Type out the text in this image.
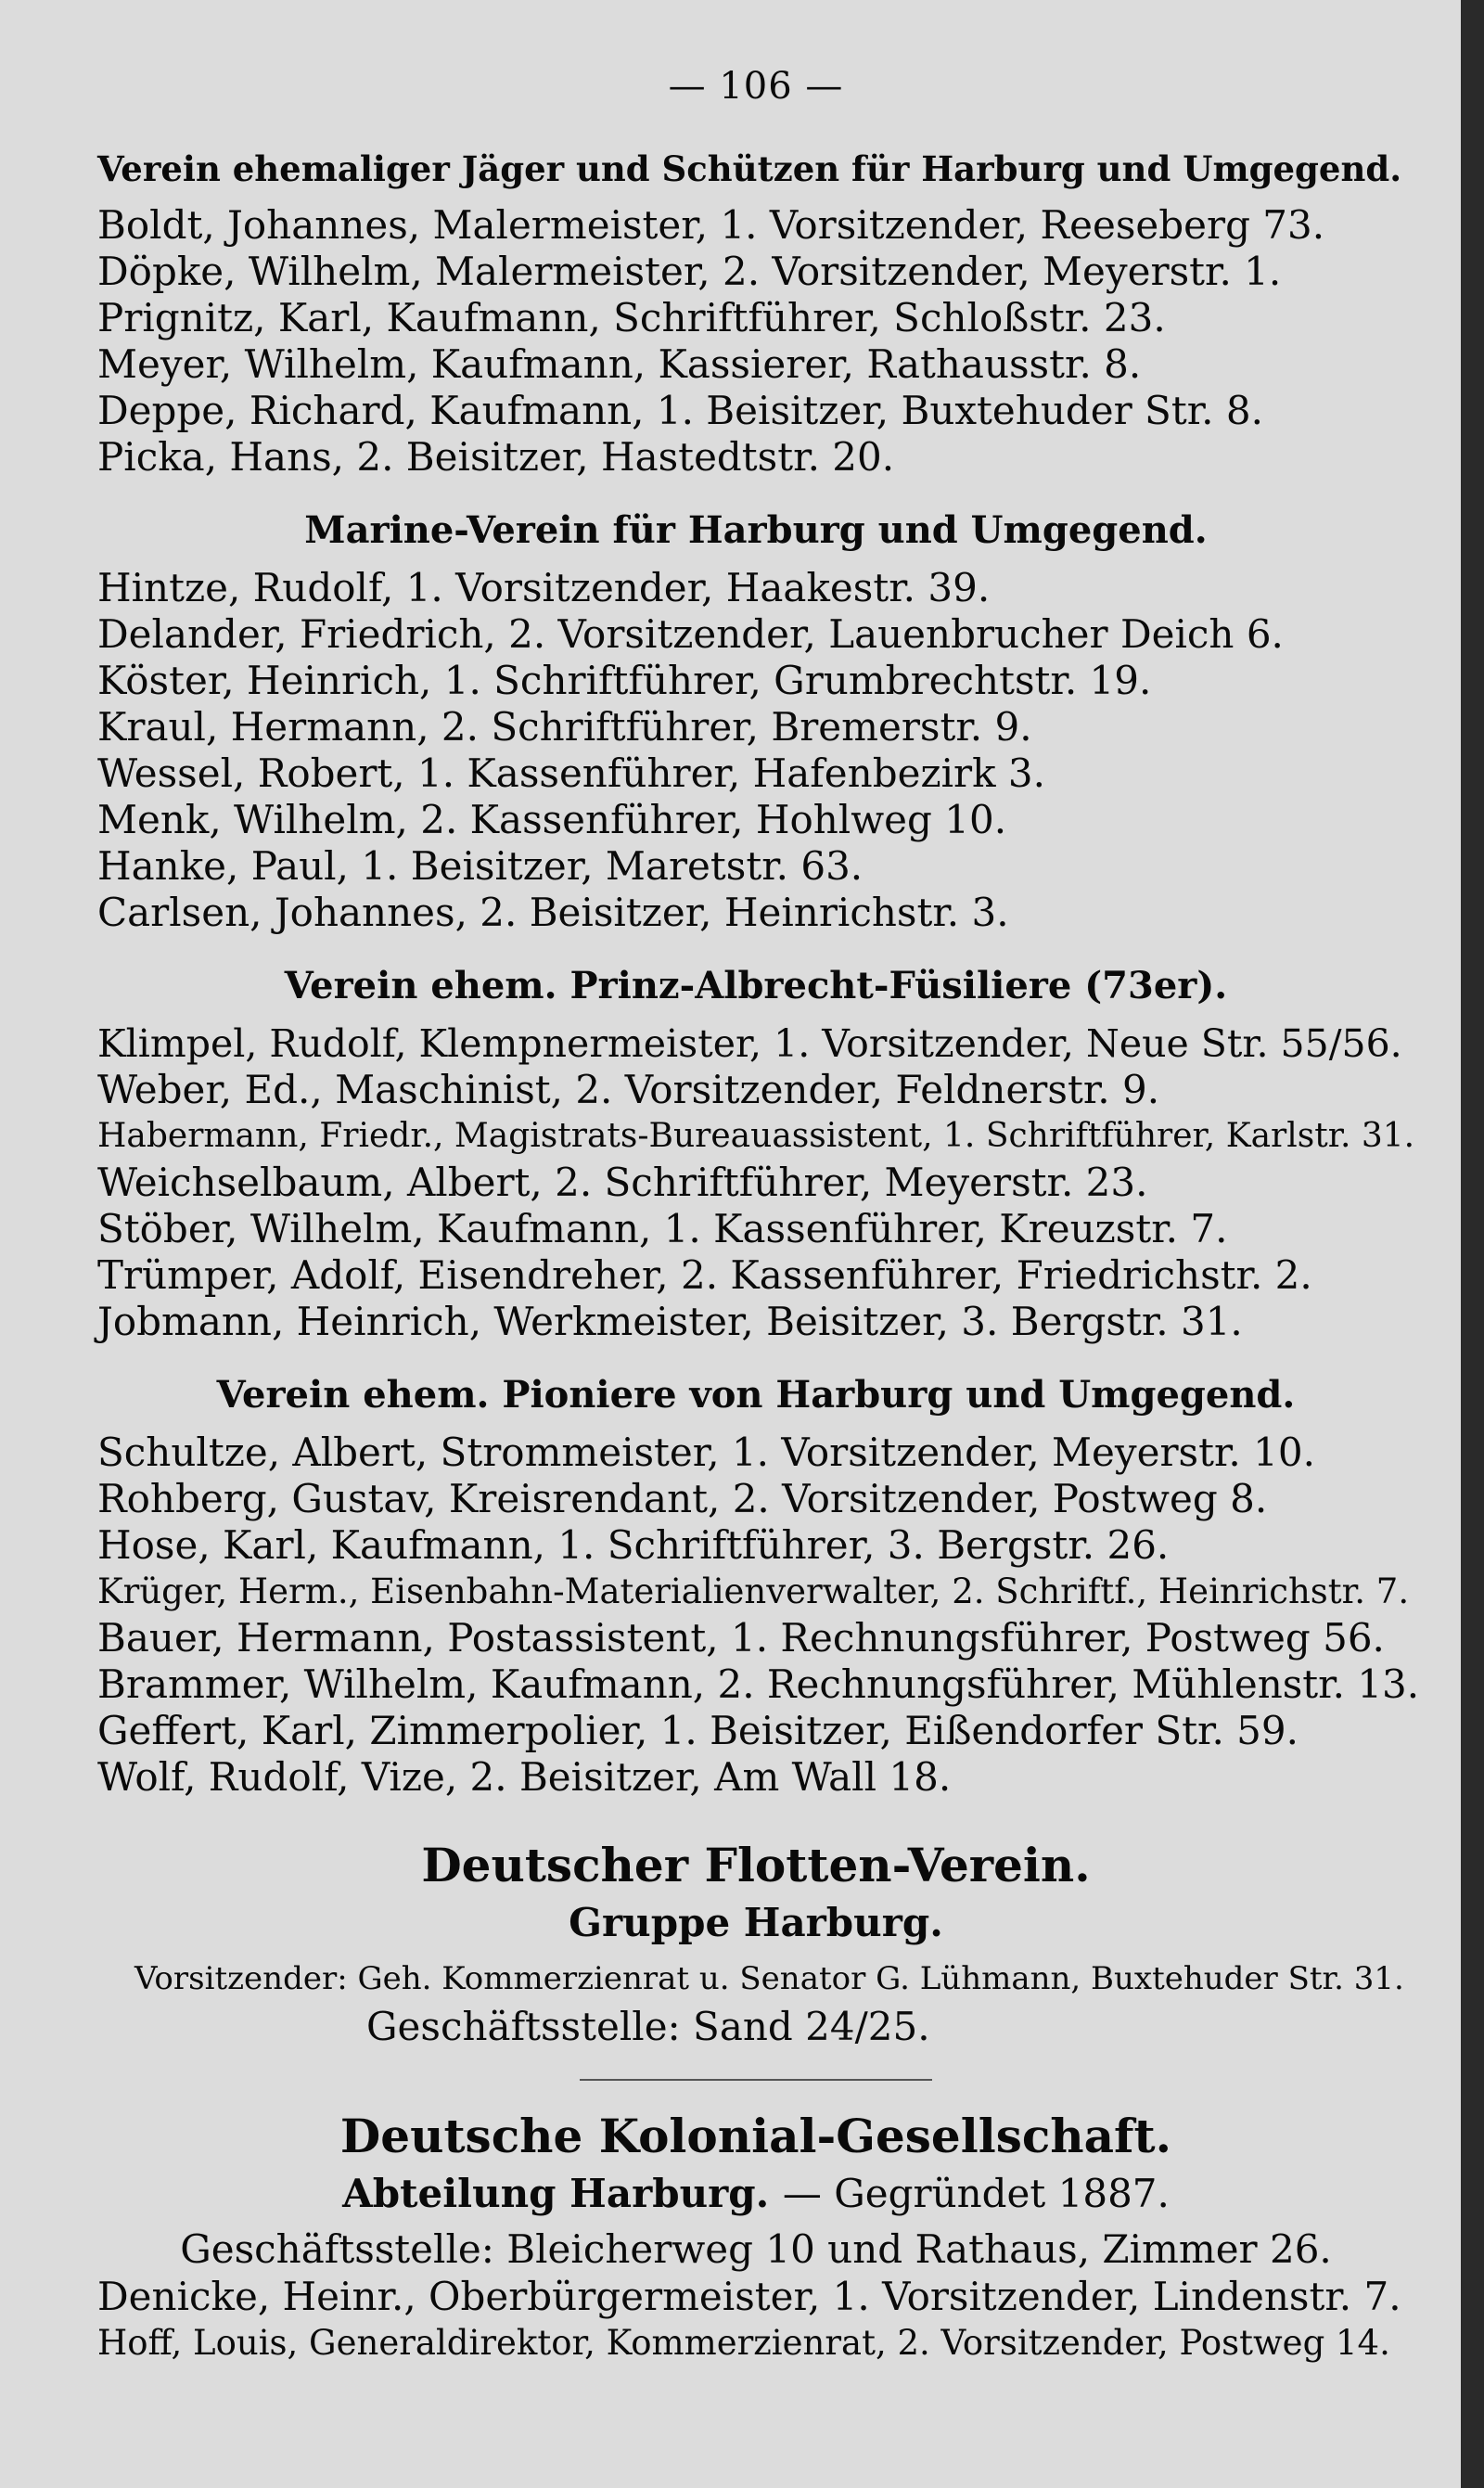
— 106 —
Verein ehemaliger Jäger und Schützen für Harburg und Umgegend.
Boldt, Johannes, Malermeister, 1. Vorsitzender, Reeseberg 73.
Döpke, Wilhelm, Malermeister, 2. Vorsitzender, Meyerstr. 1.
Prignitz, Karl, Kaufmann, Schriftführer, Schloßstr. 23.
Meyer, Wilhelm, Kaufmann, Kassierer, Rathausstr. 8.
Deppe, Richard, Kaufmann, 1. Beisitzer, Buxtehuder Str. 8.
Picka, Hans, 2. Beisitzer, Hastedtstr. 20.
Marine-Verein für Harburg und Umgegend.
Hintze, Rudolf, 1. Vorsitzender, Haakestr. 39.
Delander, Friedrich, 2. Vorsitzender, Lauenbrucher Deich 6.
Köster, Heinrich, 1. Schriftführer, Grumbrechtstr. 19.
Kraul, Hermann, 2. Schriftführer, Bremerstr. 9.
Wessel, Robert, 1. Kassenführer, Hafenbezirk 3.
Menk, Wilhelm, 2. Kassenführer, Hohlweg 10.
Hanke, Paul, 1. Beisitzer, Maretstr. 63.
Carlsen, Johannes, 2. Beisitzer, Heinrichstr. 3.
Verein ehem. Prinz-Albrecht-Füsiliere (73er).
Klimpel, Rudolf, Klempnermeister, 1. Vorsitzender, Neue Str. 55/56.
Weber, Ed., Maschinist, 2. Vorsitzender, Feldnerstr. 9.
Habermann, Friedr., Magistrats-Bureauassistent, 1. Schriftführer, Karlstr. 31.
Weichselbaum, Albert, 2. Schriftführer, Meyerstr. 23.
Stöber, Wilhelm, Kaufmann, 1. Kassenführer, Kreuzstr. 7.
Trümper, Adolf, Eisendreher, 2. Kassenführer, Friedrichstr. 2.
Jobmann, Heinrich, Werkmeister, Beisitzer, 3. Bergstr. 31.
Verein ehem. Pioniere von Harburg und Umgegend.
Schultze, Albert, Strommeister, 1. Vorsitzender, Meyerstr. 10.
Rohberg, Gustav, Kreisrendant, 2. Vorsitzender, Postweg 8.
Hose, Karl, Kaufmann, 1. Schriftführer, 3. Bergstr. 26.
Krüger, Herm., Eisenbahn-Materialienverwalter, 2. Schriftf., Heinrichstr. 7.
Bauer, Hermann, Postassistent, 1. Rechnungsführer, Postweg 56.
Brammer, Wilhelm, Kaufmann, 2. Rechnungsführer, Mühlenstr. 13.
Geffert, Karl, Zimmerpolier, 1. Beisitzer, Eißendorfer Str. 59.
Wolf, Rudolf, Vize, 2. Beisitzer, Am Wall 18.
Deutscher Flotten-Verein.
Gruppe Harburg.
Vorsitzender: Geh. Kommerzienrat u. Senator G. Lühmann, Buxtehuder Str. 31.
Geschäftsstelle: Sand 24/25.
Deutsche Kolonial-Gesellschaft.
Abteilung Harburg. — Gegründet 1887.
Geschäftsstelle: Bleicherweg 10 und Rathaus, Zimmer 26.
Denicke, Heinr., Oberbürgermeister, 1. Vorsitzender, Lindenstr. 7.
Hoff, Louis, Generaldirektor, Kommerzienrat, 2. Vorsitzender, Postweg 14.
